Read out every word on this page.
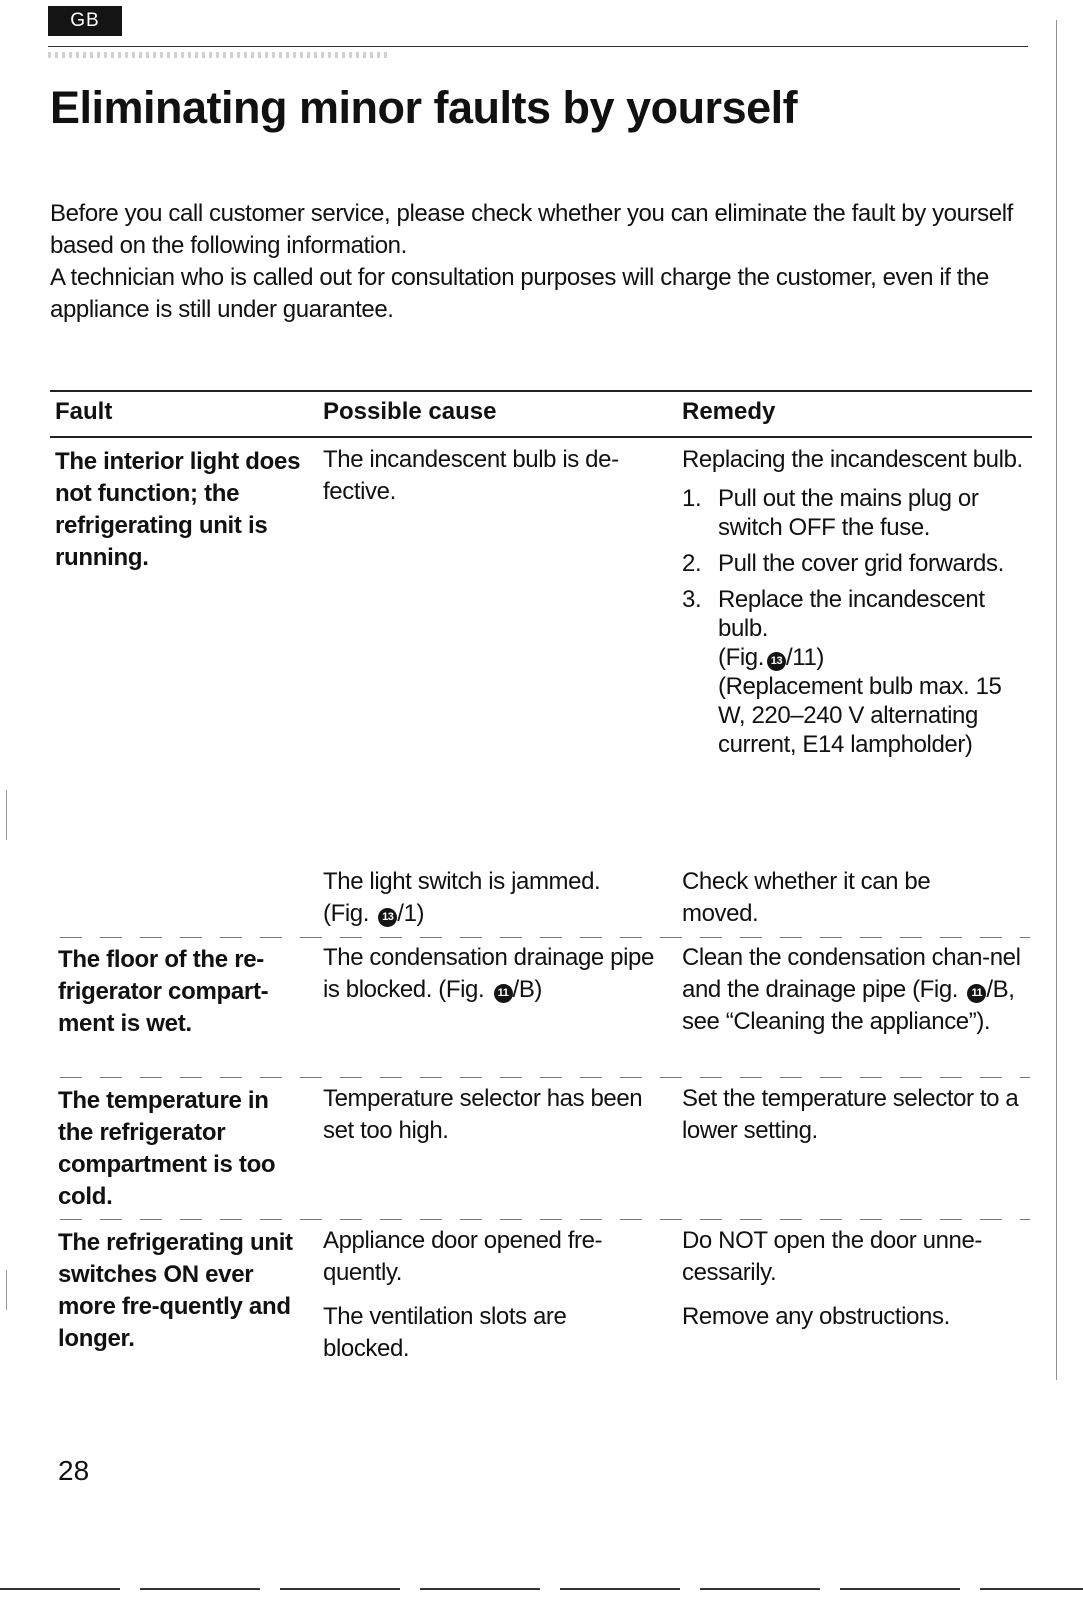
GB
Eliminating minor faults by yourself

Before you call customer service, please check whether you can eliminate the fault by yourself based on the following information.

A technician who is called out for consultation purposes will charge the customer, even if the appliance is still under guarantee.

Fault	Possible cause	Remedy
The interior light does not function; the refrigerating unit is running.
The incandescent bulb is de-fective.

Replacing the incandescent bulb.

1. Pull out the mains plug or switch OFF the fuse.
2. Pull the cover grid forwards.
3. Replace the incandescent bulb.
(Fig. 13 /11)
(Replacement bulb max. 15 W, 220–240 V alternating current, E14 lampholder)

The light switch is jammed.

(Fig. 13 /1)

Check whether it can be moved.
The floor of the re-frigerator compart-ment is wet.
The condensation drainage pipe is blocked. (Fig. 11 /B)
Clean the condensation chan-nel and the drainage pipe (Fig. 11 /B, see “Cleaning the appliance”).
The temperature in the refrigerator compartment is too cold.
Temperature selector has been set too high.
Set the temperature selector to a lower setting.
The refrigerating unit switches ON ever more fre-quently and longer.

Appliance door opened fre-quently.

The ventilation slots are blocked.

Do NOT open the door unne-cessarily.

Remove any obstructions.

28
